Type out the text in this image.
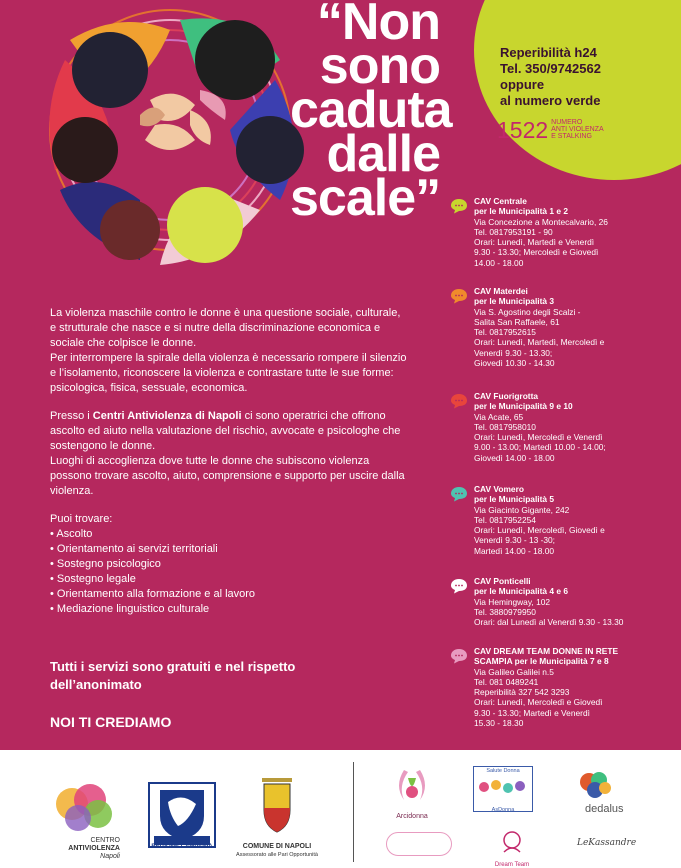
“Non
sono
caduta
dalle
scale”
Reperibilità h24
Tel. 350/9742562
oppure
al numero verde
1522 NUMERO
ANTI VIOLENZA
E STALKING

La violenza maschile contro le donne è una questione sociale, culturale,

e strutturale che nasce e si nutre della discriminazione economica e

sociale che colpisce le donne.

Per interrompere la spirale della violenza è necessario rompere il silenzio

e l’isolamento, riconoscere la violenza e contrastare tutte le sue forme:

psicologica, fisica, sessuale, economica.

Presso i Centri Antiviolenza di Napoli ci sono operatrici che offrono

ascolto ed aiuto nella valutazione del rischio, avvocate e psicologhe che

sostengono le donne.

Luoghi di accoglienza dove tutte le donne che subiscono violenza

possono trovare ascolto, aiuto, comprensione e supporto per uscire dalla

violenza.

Puoi trovare:

• Ascolto
• Orientamento ai servizi territoriali
• Sostegno psicologico
• Sostegno legale
• Orientamento alla formazione e al lavoro
• Mediazione linguistico culturale
Tutti i servizi sono gratuiti e nel rispetto
dell’anonimato
NOI TI CREDIAMO
CAV Centrale
per le Municipalità 1 e 2
Via Concezione a Montecalvario, 26
Tel. 0817953191 - 90
Orari: Lunedì, Martedì e Venerdì
9.30 - 13.30; Mercoledì e Giovedì
14.00 - 18.00
CAV Materdei
per le Municipalità 3
Via S. Agostino degli Scalzi -
Salita San Raffaele, 61
Tel. 0817952615
Orari: Lunedì, Martedì, Mercoledì e
Venerdì 9.30 - 13.30;
Giovedì 10.30 - 14.30
CAV Fuorigrotta
per le Municipalità 9 e 10
Via Acate, 65
Tel. 0817958010
Orari: Lunedì, Mercoledì e Venerdì
9.00 - 13.00; Martedì 10.00 - 14.00;
Giovedì 14.00 - 18.00
CAV Vomero
per le Municipalità 5
Via Giacinto Gigante, 242
Tel. 0817952254
Orari: Lunedì, Mercoledì, Giovedì e
Venerdì 9.30 - 13 -30;
Martedì 14.00 - 18.00
CAV Ponticelli
per le Municipalità 4 e 6
Via Hemingway, 102
Tel. 3880979950
Orari: dal Lunedì al Venerdì 9.30 - 13.30
CAV DREAM TEAM DONNE IN RETE
SCAMPIA per le Municipalità 7 e 8
Via Galileo Galilei n.5
Tel. 081 0489241
Reperibilità 327 542 3293
Orari: Lunedì, Mercoledì e Giovedì
9.30 - 13.30; Martedì e Venerdì
15.30 - 18.30
CENTRO
ANTIVIOLENZA
Napoli
REGIONE CAMPANIA	COMUNE DI NAPOLI
Assessorato alle Pari Opportunità
Arcidonna
Salute Donna
AsDonna	dedalus
Dream Team
LeKassandre
